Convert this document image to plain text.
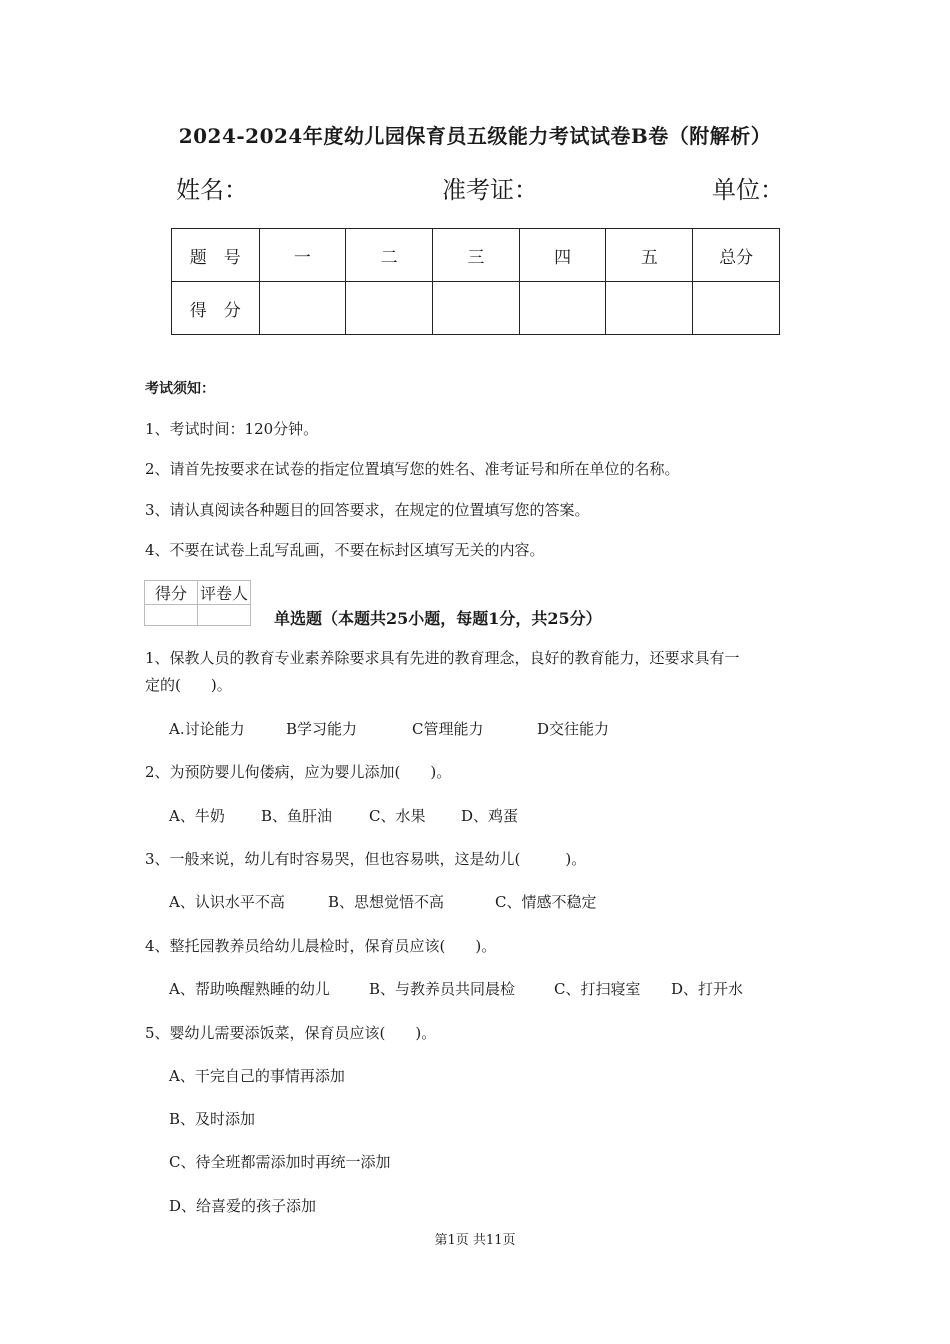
2024-2024年度幼儿园保育员五级能力考试试卷B卷（附解析）
姓名：	准考证：	单位：
题　号	一	二	三	四	五	总分
得　分						
考试须知：
1、考试时间：120分钟。
2、请首先按要求在试卷的指定位置填写您的姓名、准考证号和所在单位的名称。
3、请认真阅读各种题目的回答要求，在规定的位置填写您的答案。
4、不要在试卷上乱写乱画，不要在标封区填写无关的内容。
得分	评卷人

单选题（本题共25小题，每题1分，共25分）
1、保教人员的教育专业素养除要求具有先进的教育理念，良好的教育能力，还要求具有一
定的(　　)。
A.讨论能力	B学习能力	C管理能力	D交往能力
2、为预防婴儿佝偻病，应为婴儿添加(　　)。
A、牛奶 B、鱼肝油 C、水果 D、鸡蛋
3、一般来说，幼儿有时容易哭，但也容易哄，这是幼儿(　　　)。
A、认识水平不高	B、思想觉悟不高	C、情感不稳定
4、整托园教养员给幼儿晨检时，保育员应该(　　)。
A、帮助唤醒熟睡的幼儿	B、与教养员共同晨检	C、打扫寝室 D、打开水
5、婴幼儿需要添饭菜，保育员应该(　　)。
A、干完自己的事情再添加
B、及时添加
C、待全班都需添加时再统一添加
D、给喜爱的孩子添加
第1页 共11页
